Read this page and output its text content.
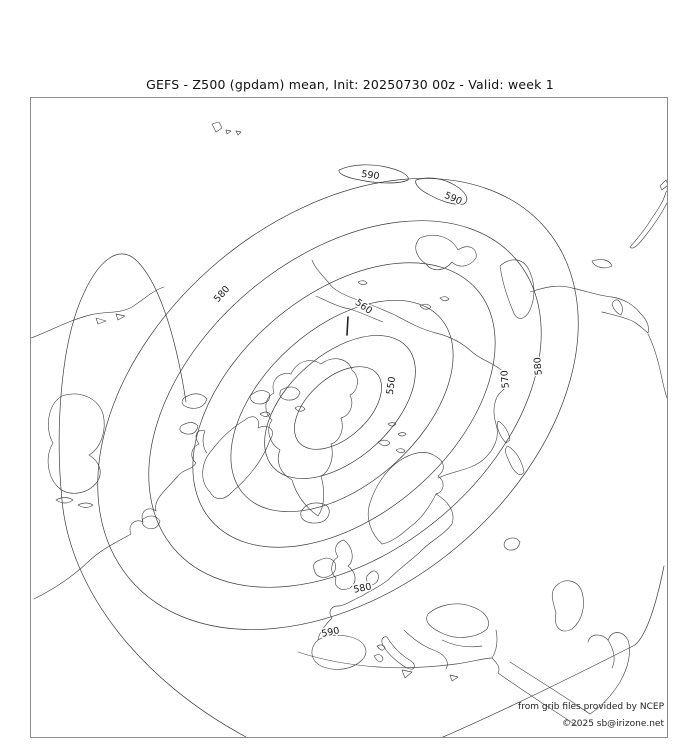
GEFS - Z500 (gpdam) mean, Init: 20250730 00z - Valid: week 1
590
590
580
560
550	570
580
580
590
from grib files provided by NCEP
©2025 sb@irizone.net
